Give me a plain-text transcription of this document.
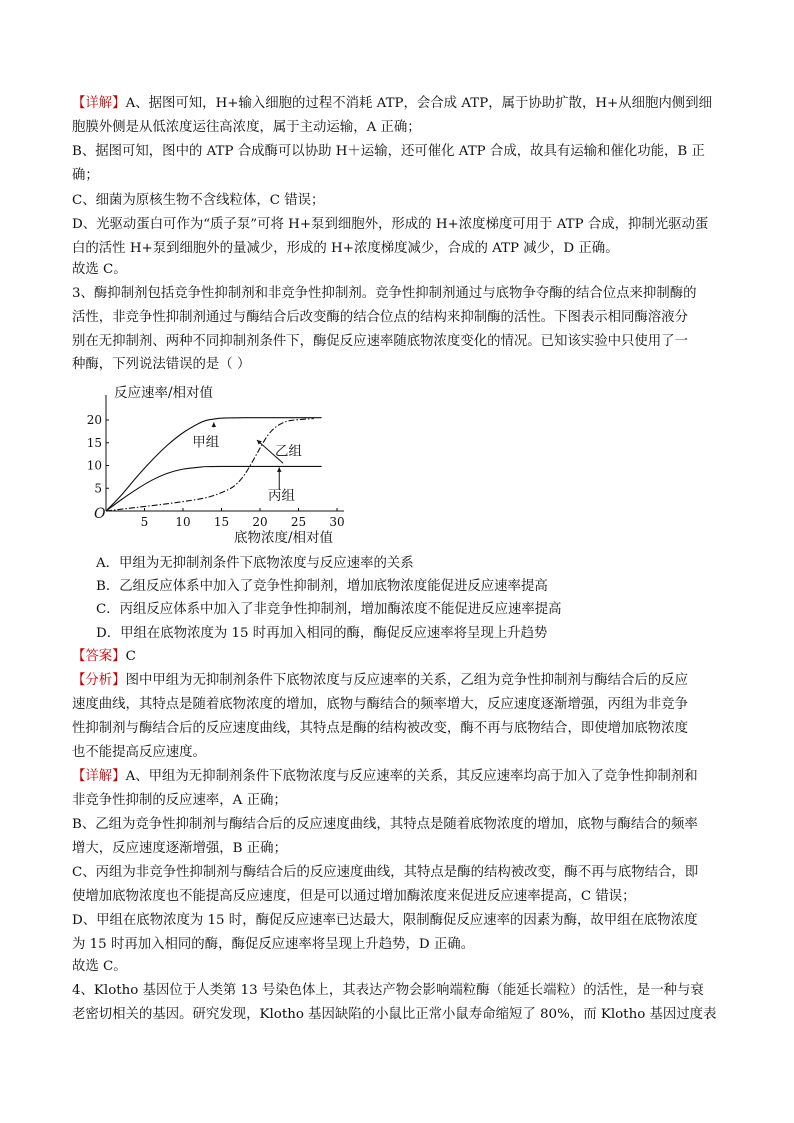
【详解】A、据图可知，H+输入细胞的过程不消耗 ATP，会合成 ATP，属于协助扩散，H+从细胞内侧到细

胞膜外侧是从低浓度运往高浓度，属于主动运输，A 正确；

B、据图可知，图中的 ATP 合成酶可以协助 H＋运输，还可催化 ATP 合成，故具有运输和催化功能，B 正

确；

C、细菌为原核生物不含线粒体，C 错误；

D、光驱动蛋白可作为“质子泵”可将 H+泵到细胞外，形成的 H+浓度梯度可用于 ATP 合成，抑制光驱动蛋

白的活性 H+泵到细胞外的量减少，形成的 H+浓度梯度减少，合成的 ATP 减少，D 正确。

故选 C。

3、酶抑制剂包括竞争性抑制剂和非竞争性抑制剂。竞争性抑制剂通过与底物争夺酶的结合位点来抑制酶的

活性，非竞争性抑制剂通过与酶结合后改变酶的结合位点的结构来抑制酶的活性。下图表示相同酶溶液分

别在无抑制剂、两种不同抑制剂条件下，酶促反应速率随底物浓度变化的情况。已知该实验中只使用了一

种酶，下列说法错误的是（ ）

反应速率/相对值
底物浓度/相对值
O	5 10 15 20 25 30
5
10
15
20
甲组
乙组
丙组

A．甲组为无抑制剂条件下底物浓度与反应速率的关系

B．乙组反应体系中加入了竞争性抑制剂，增加底物浓度能促进反应速率提高

C．丙组反应体系中加入了非竞争性抑制剂，增加酶浓度不能促进反应速率提高

D．甲组在底物浓度为 15 时再加入相同的酶，酶促反应速率将呈现上升趋势

【答案】C

【分析】图中甲组为无抑制剂条件下底物浓度与反应速率的关系，乙组为竞争性抑制剂与酶结合后的反应

速度曲线，其特点是随着底物浓度的增加，底物与酶结合的频率增大，反应速度逐渐增强，丙组为非竞争

性抑制剂与酶结合后的反应速度曲线，其特点是酶的结构被改变，酶不再与底物结合，即使增加底物浓度

也不能提高反应速度。

【详解】A、甲组为无抑制剂条件下底物浓度与反应速率的关系，其反应速率均高于加入了竞争性抑制剂和

非竞争性抑制的反应速率，A 正确；

B、乙组为竞争性抑制剂与酶结合后的反应速度曲线，其特点是随着底物浓度的增加，底物与酶结合的频率

增大，反应速度逐渐增强，B 正确；

C、丙组为非竞争性抑制剂与酶结合后的反应速度曲线，其特点是酶的结构被改变，酶不再与底物结合，即

使增加底物浓度也不能提高反应速度，但是可以通过增加酶浓度来促进反应速率提高，C 错误；

D、甲组在底物浓度为 15 时，酶促反应速率已达最大，限制酶促反应速率的因素为酶，故甲组在底物浓度

为 15 时再加入相同的酶，酶促反应速率将呈现上升趋势，D 正确。

故选 C。

4、Klotho 基因位于人类第 13 号染色体上，其表达产物会影响端粒酶（能延长端粒）的活性，是一种与衰

老密切相关的基因。研究发现，Klotho 基因缺陷的小鼠比正常小鼠寿命缩短了 80%，而 Klotho 基因过度表
